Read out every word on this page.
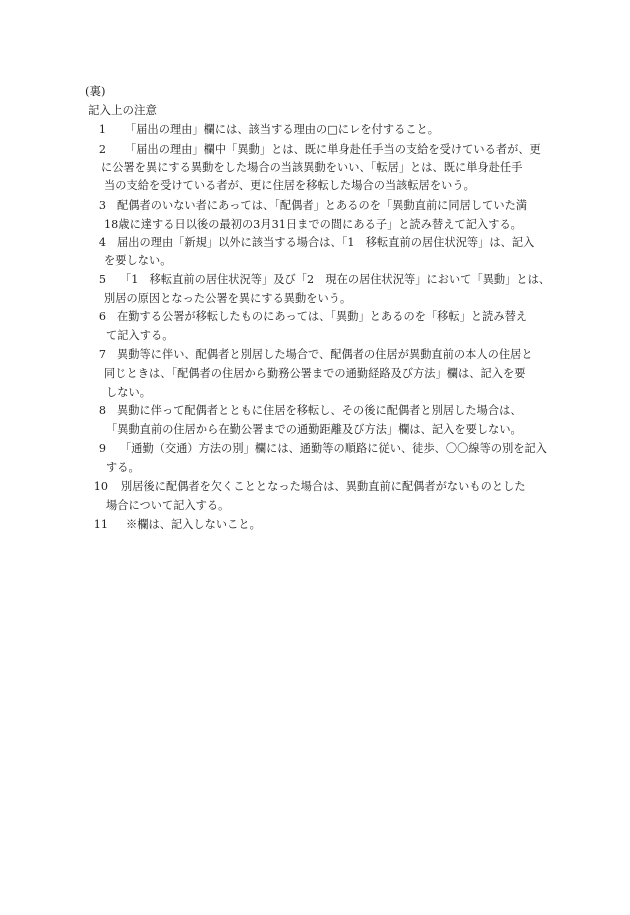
(裏)
記入上の注意
1 「届出の理由」欄には、該当する理由の□にレを付すること。
2 「届出の理由」欄中「異動」とは、既に単身赴任手当の支給を受けている者が、更
に公署を異にする異動をした場合の当該異動をいい、「転居」とは、既に単身赴任手
当の支給を受けている者が、更に住居を移転した場合の当該転居をいう。
3 配偶者のいない者にあっては、「配偶者」とあるのを「異動直前に同居していた満
18歳に達する日以後の最初の3月31日までの間にある子」と読み替えて記入する。
4 届出の理由「新規」以外に該当する場合は、「1　移転直前の居住状況等」は、記入
を要しない。
5 「1　移転直前の居住状況等」及び「2　現在の居住状況等」において「異動」とは、
別居の原因となった公署を異にする異動をいう。
6 在勤する公署が移転したものにあっては、「異動」とあるのを「移転」と読み替え
て記入する。
7 異動等に伴い、配偶者と別居した場合で、配偶者の住居が異動直前の本人の住居と
同じときは、「配偶者の住居から勤務公署までの通勤経路及び方法」欄は、記入を要
しない。
8 異動に伴って配偶者とともに住居を移転し、その後に配偶者と別居した場合は、
「異動直前の住居から在勤公署までの通勤距離及び方法」欄は、記入を要しない。
9 「通勤（交通）方法の別」欄には、通勤等の順路に従い、徒歩、〇〇線等の別を記入
する。
10 別居後に配偶者を欠くこととなった場合は、異動直前に配偶者がないものとした
場合について記入する。
11 ※欄は、記入しないこと。
